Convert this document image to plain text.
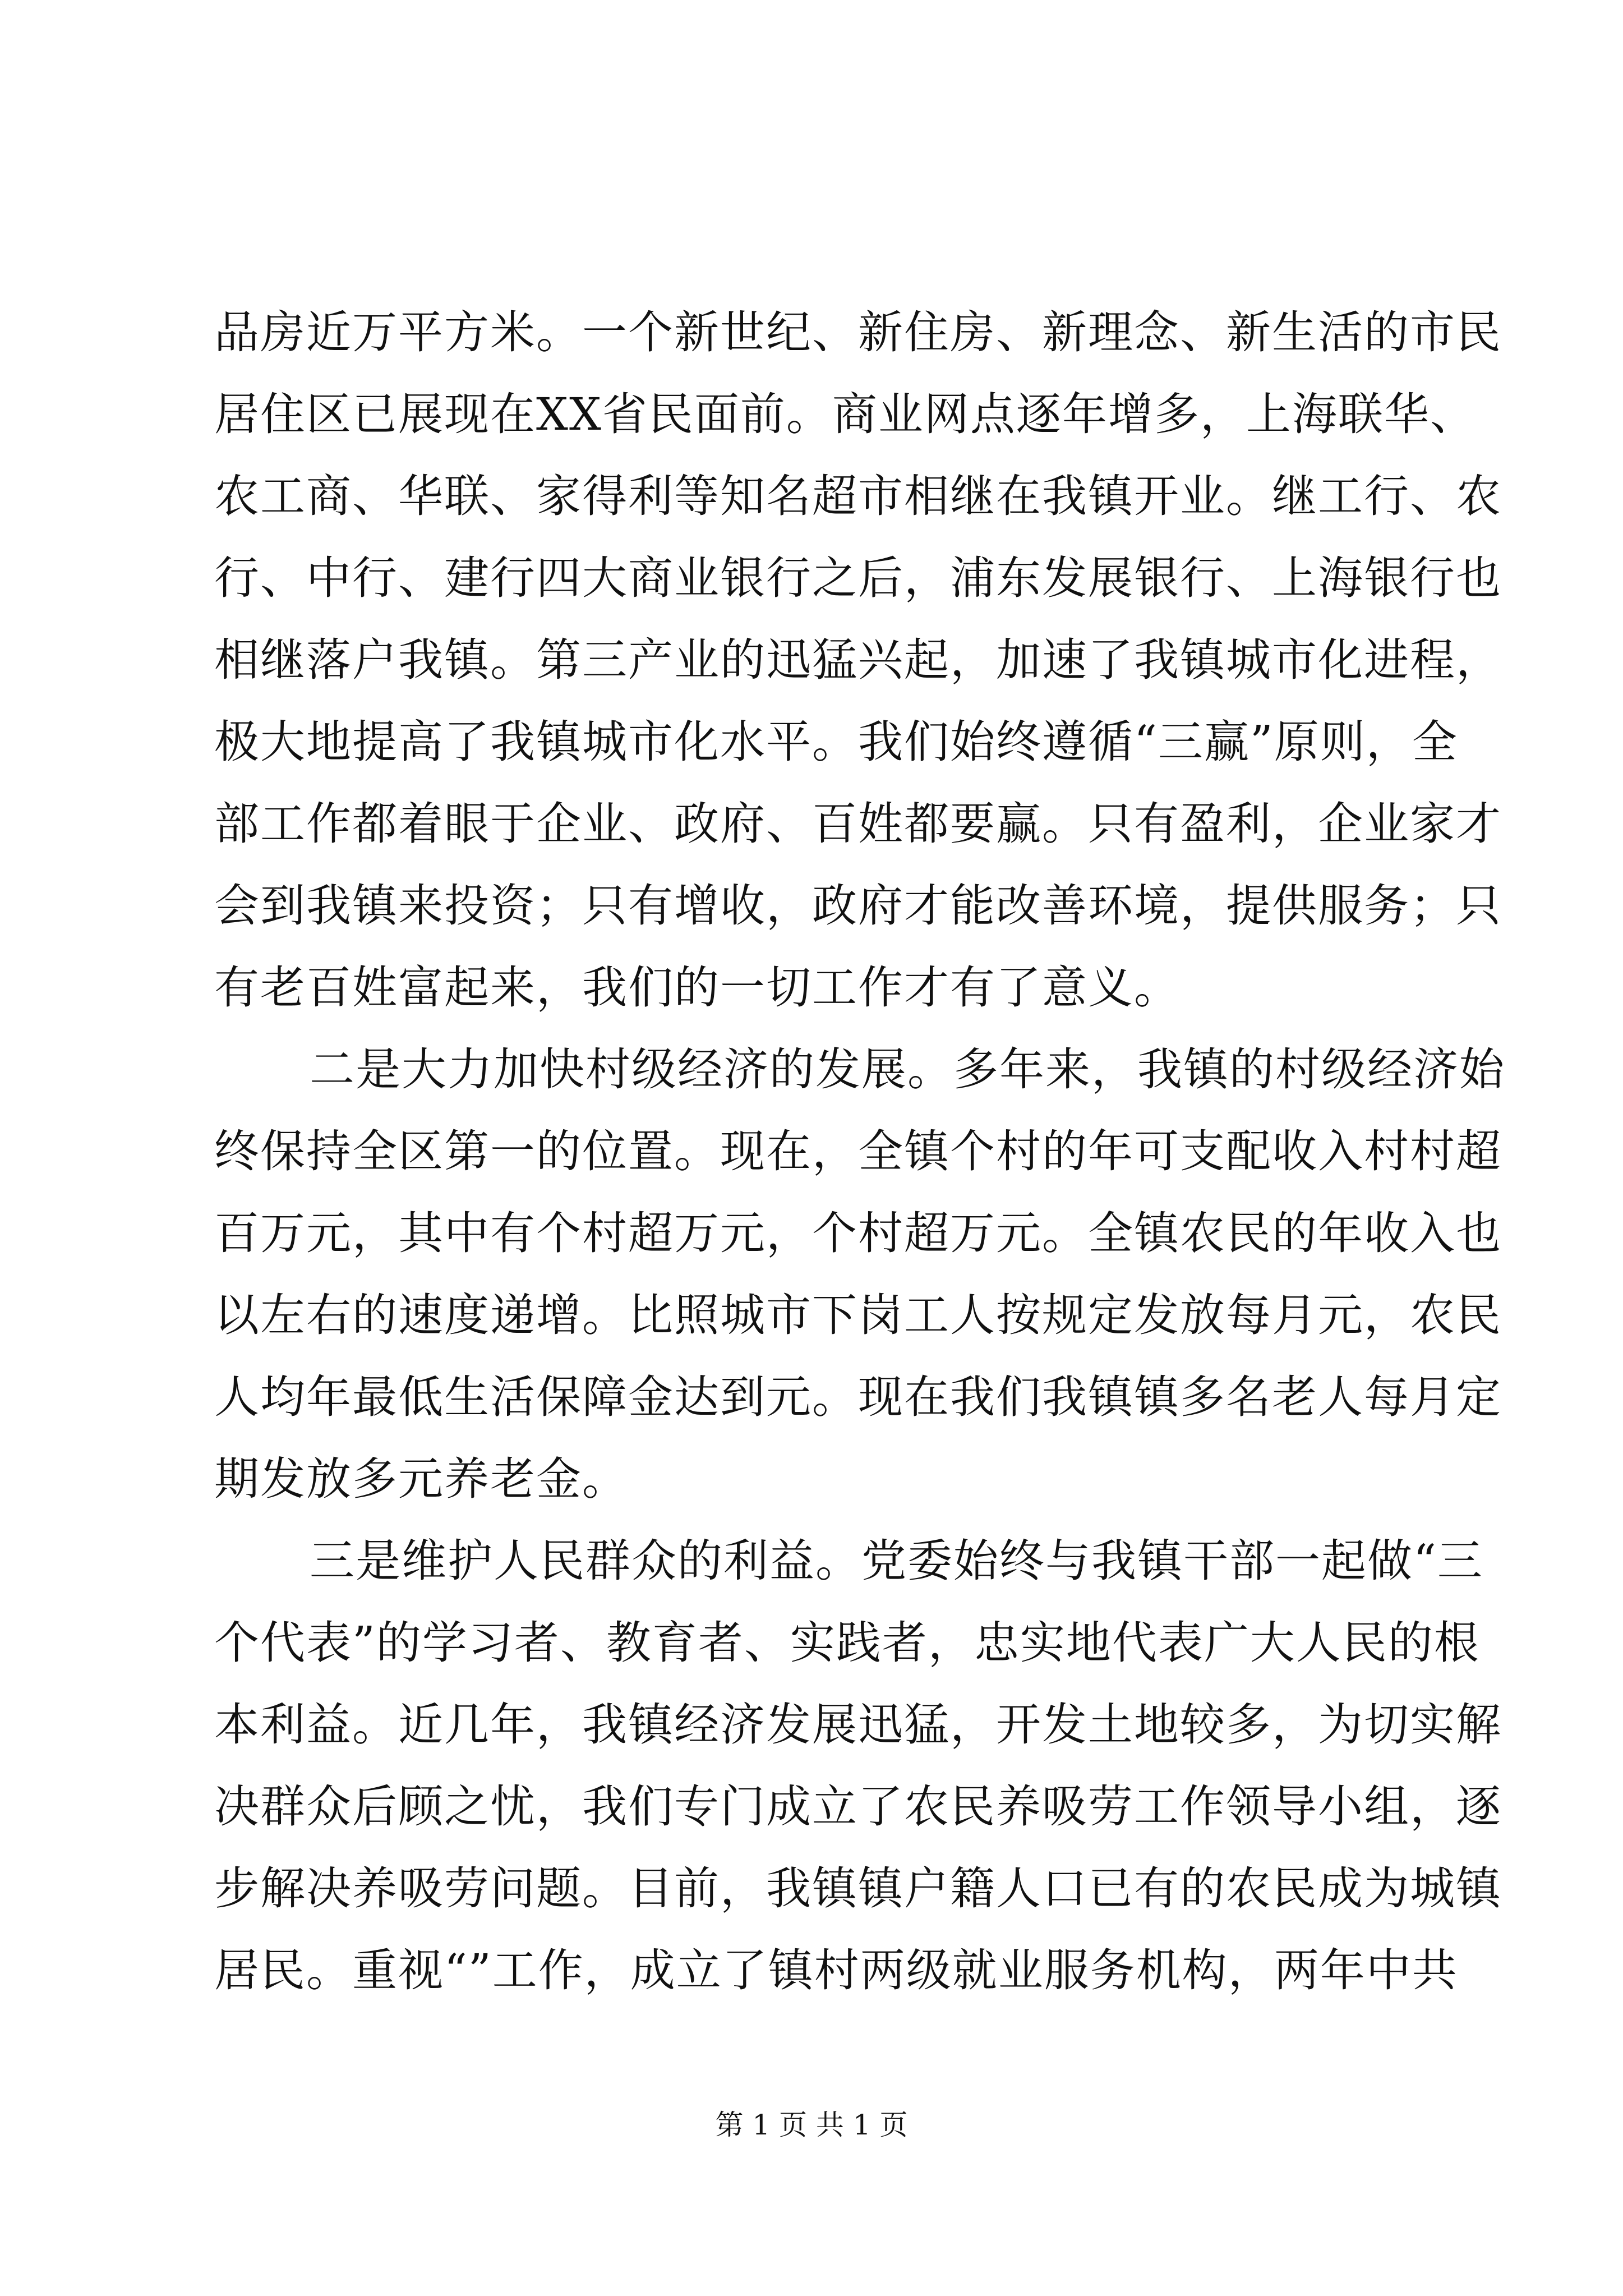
品房近万平方米。一个新世纪、新住房、新理念、新生活的市民
居住区已展现在XX省民面前。商业网点逐年增多，上海联华、
农工商、华联、家得利等知名超市相继在我镇开业。继工行、农
行、中行、建行四大商业银行之后，浦东发展银行、上海银行也
相继落户我镇。第三产业的迅猛兴起，加速了我镇城市化进程，
极大地提高了我镇城市化水平。我们始终遵循“三赢”原则，全
部工作都着眼于企业、政府、百姓都要赢。只有盈利，企业家才
会到我镇来投资；只有增收，政府才能改善环境，提供服务；只
有老百姓富起来，我们的一切工作才有了意义。
二是大力加快村级经济的发展。多年来，我镇的村级经济始
终保持全区第一的位置。现在，全镇个村的年可支配收入村村超
百万元，其中有个村超万元，个村超万元。全镇农民的年收入也
以左右的速度递增。比照城市下岗工人按规定发放每月元，农民
人均年最低生活保障金达到元。现在我们我镇镇多名老人每月定
期发放多元养老金。
三是维护人民群众的利益。党委始终与我镇干部一起做“三
个代表”的学习者、教育者、实践者，忠实地代表广大人民的根
本利益。近几年，我镇经济发展迅猛，开发土地较多，为切实解
决群众后顾之忧，我们专门成立了农民养吸劳工作领导小组，逐
步解决养吸劳问题。目前，我镇镇户籍人口已有的农民成为城镇
居民。重视“”工作，成立了镇村两级就业服务机构，两年中共
第 1 页 共 1 页
